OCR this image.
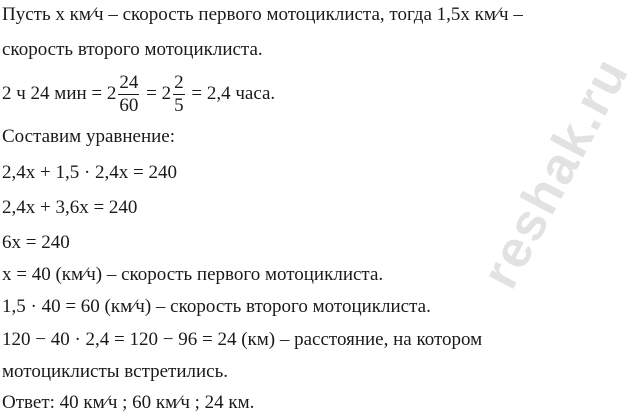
Пусть x км⁄ч – скорость первого мотоциклиста, тогда 1,5x км⁄ч –
скорость второго мотоциклиста.
2 ч 24 мин = $2 \frac{24}{60} = 2 \frac{2}{5} = 2,4$ часа.
Составим уравнение:
2,4x + 1,5 · 2,4x = 240
2,4x + 3,6x = 240
6x = 240
x = 40 (км⁄ч) – скорость первого мотоциклиста.
1,5 · 40 = 60 (км⁄ч) – скорость второго мотоциклиста.
120 − 40 · 2,4 = 120 − 96 = 24 (км) – расстояние, на котором
мотоциклисты встретились.
Ответ: 40 км⁄ч ; 60 км⁄ч ; 24 км.
reshak.ru
